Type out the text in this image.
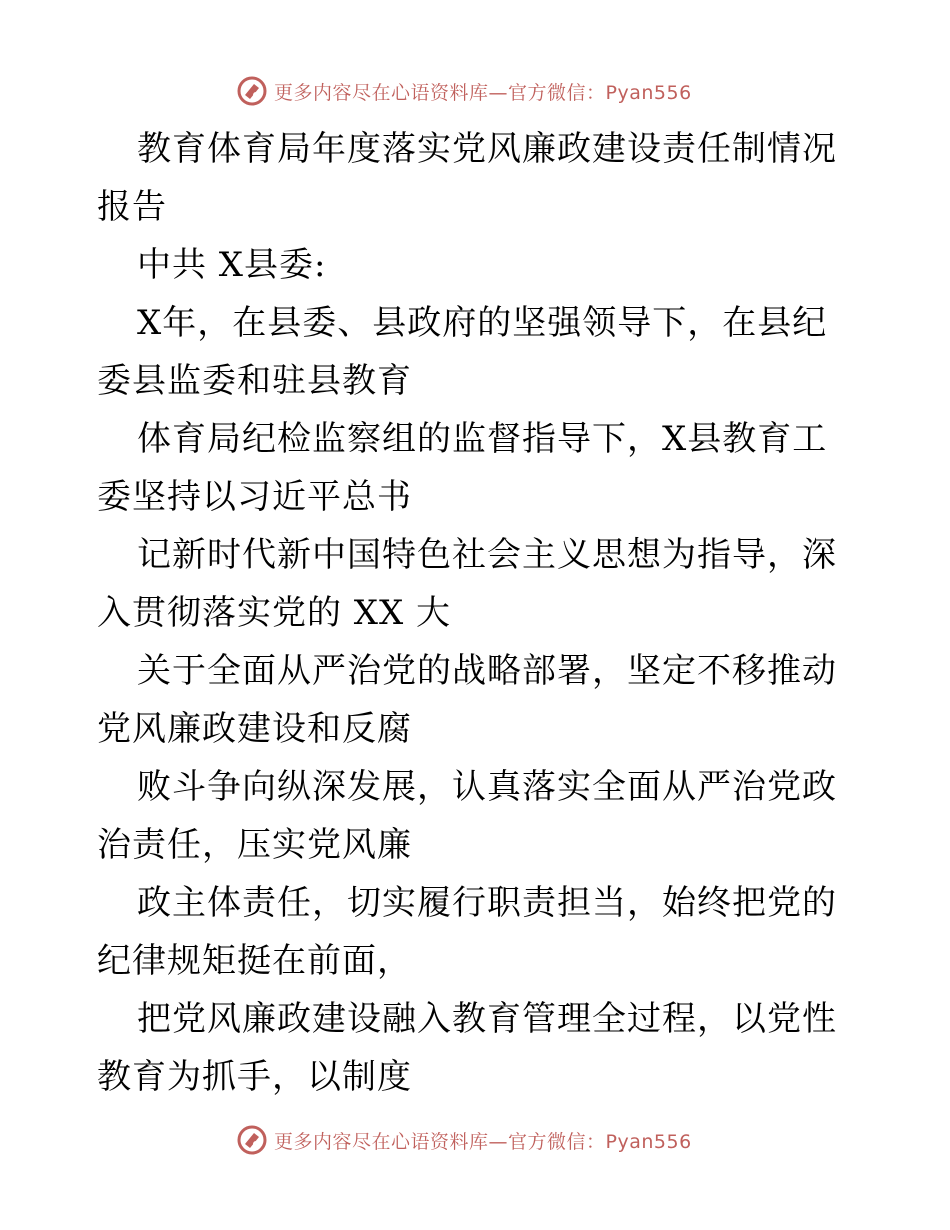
更多内容尽在心语资料库—官方微信：Pyan556

教育体育局年度落实党风廉政建设责任制情况报告

中共 X县委:

X年，在县委、县政府的坚强领导下，在县纪委县监委和驻县教育

体育局纪检监察组的监督指导下，X县教育工委坚持以习近平总书

记新时代新中国特色社会主义思想为指导，深入贯彻落实党的 XX 大

关于全面从严治党的战略部署，坚定不移推动党风廉政建设和反腐

败斗争向纵深发展，认真落实全面从严治党政治责任，压实党风廉

政主体责任，切实履行职责担当，始终把党的纪律规矩挺在前面，

把党风廉政建设融入教育管理全过程，以党性教育为抓手，以制度

更多内容尽在心语资料库—官方微信：Pyan556
